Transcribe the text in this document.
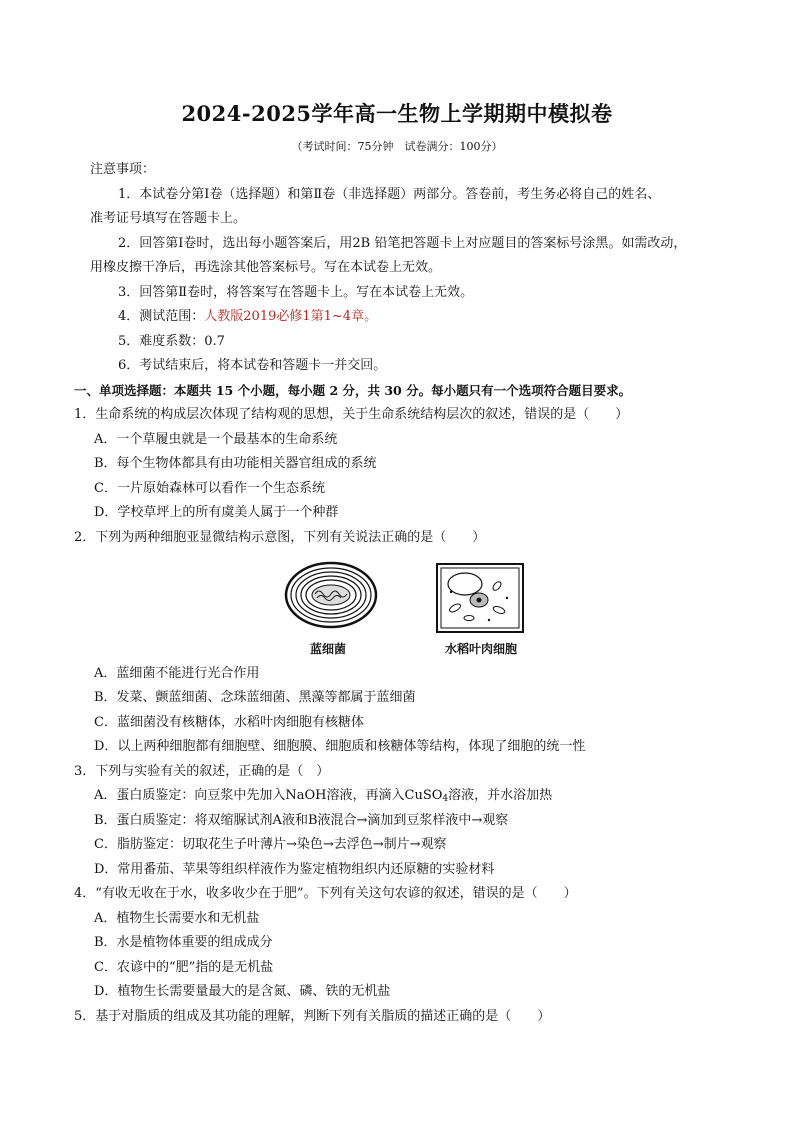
2024-2025学年高一生物上学期期中模拟卷
（考试时间：75分钟　试卷满分：100分）
注意事项：
1．本试卷分第Ⅰ卷（选择题）和第Ⅱ卷（非选择题）两部分。答卷前，考生务必将自己的姓名、
准考证号填写在答题卡上。
2．回答第Ⅰ卷时，选出每小题答案后，用2B 铅笔把答题卡上对应题目的答案标号涂黑。如需改动，
用橡皮擦干净后，再选涂其他答案标号。写在本试卷上无效。
3．回答第Ⅱ卷时，将答案写在答题卡上。写在本试卷上无效。
4．测试范围：人教版2019必修1第1~4章。
5．难度系数：0.7
6．考试结束后，将本试卷和答题卡一并交回。
一、单项选择题：本题共 15 个小题，每小题 2 分，共 30 分。每小题只有一个选项符合题目要求。
1．生命系统的构成层次体现了结构观的思想，关于生命系统结构层次的叙述，错误的是（　　）
A．一个草履虫就是一个最基本的生命系统
B．每个生物体都具有由功能相关器官组成的系统
C．一片原始森林可以看作一个生态系统
D．学校草坪上的所有虞美人属于一个种群
2．下列为两种细胞亚显微结构示意图，下列有关说法正确的是（　　）
蓝细菌	水稻叶肉细胞
A．蓝细菌不能进行光合作用
B．发菜、颤蓝细菌、念珠蓝细菌、黑藻等都属于蓝细菌
C．蓝细菌没有核糖体，水稻叶肉细胞有核糖体
D．以上两种细胞都有细胞壁、细胞膜、细胞质和核糖体等结构，体现了细胞的统一性
3．下列与实验有关的叙述，正确的是（　）
A．蛋白质鉴定：向豆浆中先加入NaOH溶液，再滴入CuSO$_4$溶液，并水浴加热
B．蛋白质鉴定：将双缩脲试剂A液和B液混合→滴加到豆浆样液中→观察
C．脂肪鉴定：切取花生子叶薄片→染色→去浮色→制片→观察
D．常用番茄、苹果等组织样液作为鉴定植物组织内还原糖的实验材料
4．“有收无收在于水，收多收少在于肥”。下列有关这句农谚的叙述，错误的是（　　）
A．植物生长需要水和无机盐
B．水是植物体重要的组成成分
C．农谚中的“肥”指的是无机盐
D．植物生长需要量最大的是含氮、磷、铁的无机盐
5．基于对脂质的组成及其功能的理解，判断下列有关脂质的描述正确的是（　　）
